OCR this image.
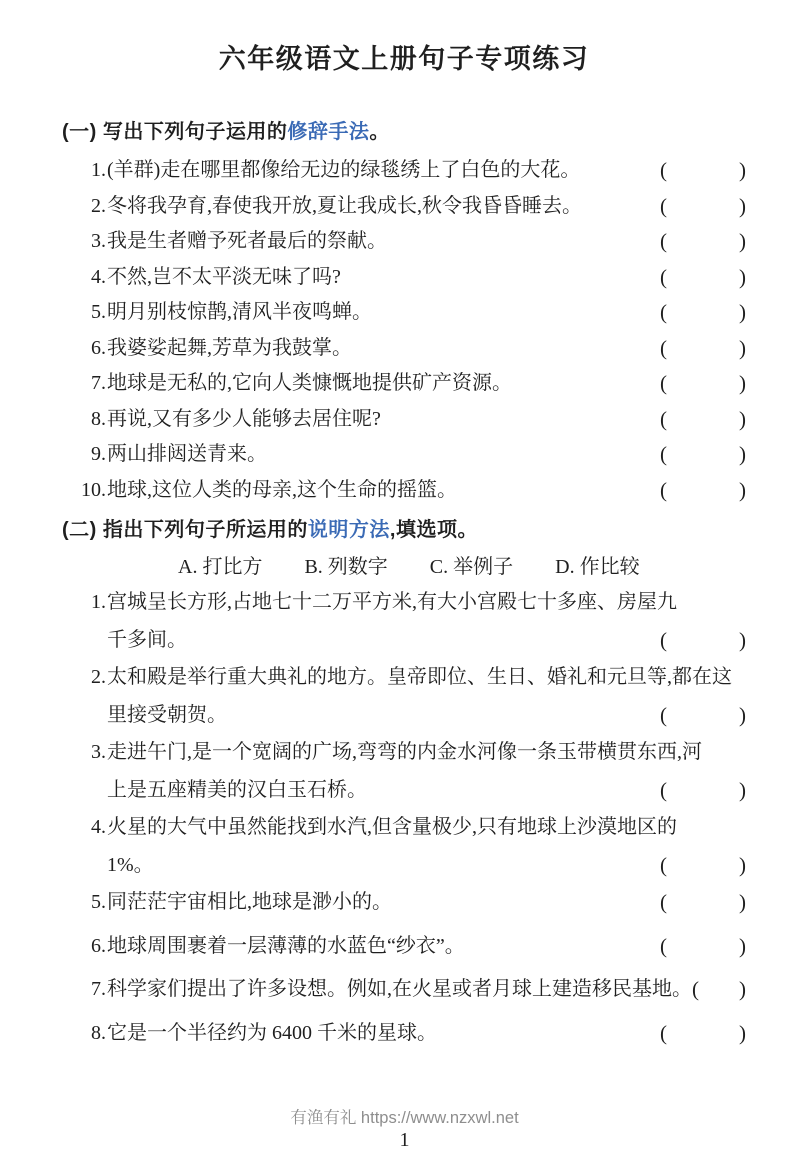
六年级语文上册句子专项练习
(一) 写出下列句子运用的修辞手法。
1. (羊群)走在哪里都像给无边的绿毯绣上了白色的大花。	(	)
2. 冬将我孕育,春使我开放,夏让我成长,秋令我昏昏睡去。	(	)
3. 我是生者赠予死者最后的祭献。	(	)
4. 不然,岂不太平淡无味了吗?	(	)
5. 明月别枝惊鹊,清风半夜鸣蝉。	(	)
6. 我婆娑起舞,芳草为我鼓掌。	(	)
7. 地球是无私的,它向人类慷慨地提供矿产资源。	(	)
8. 再说,又有多少人能够去居住呢?	(	)
9. 两山排闼送青来。	(	)
10. 地球,这位人类的母亲,这个生命的摇篮。	(	)
(二) 指出下列句子所运用的说明方法,填选项。
A. 打比方 B. 列数字 C. 举例子 D. 作比较
1. 宫城呈长方形,占地七十二万平方米,有大小宫殿七十多座、房屋九
千多间。	(	)
2. 太和殿是举行重大典礼的地方。皇帝即位、生日、婚礼和元旦等,都在这
里接受朝贺。	(	)
3. 走进午门,是一个宽阔的广场,弯弯的内金水河像一条玉带横贯东西,河
上是五座精美的汉白玉石桥。	(	)
4. 火星的大气中虽然能找到水汽,但含量极少,只有地球上沙漠地区的
1%。	(	)
5. 同茫茫宇宙相比,地球是渺小的。	(	)
6. 地球周围裹着一层薄薄的水蓝色“纱衣”。	(	)
7. 科学家们提出了许多设想。例如,在火星或者月球上建造移民基地。 ( )
8. 它是一个半径约为 6400 千米的星球。	(	)
有渔有礼 https://www.nzxwl.net
1
